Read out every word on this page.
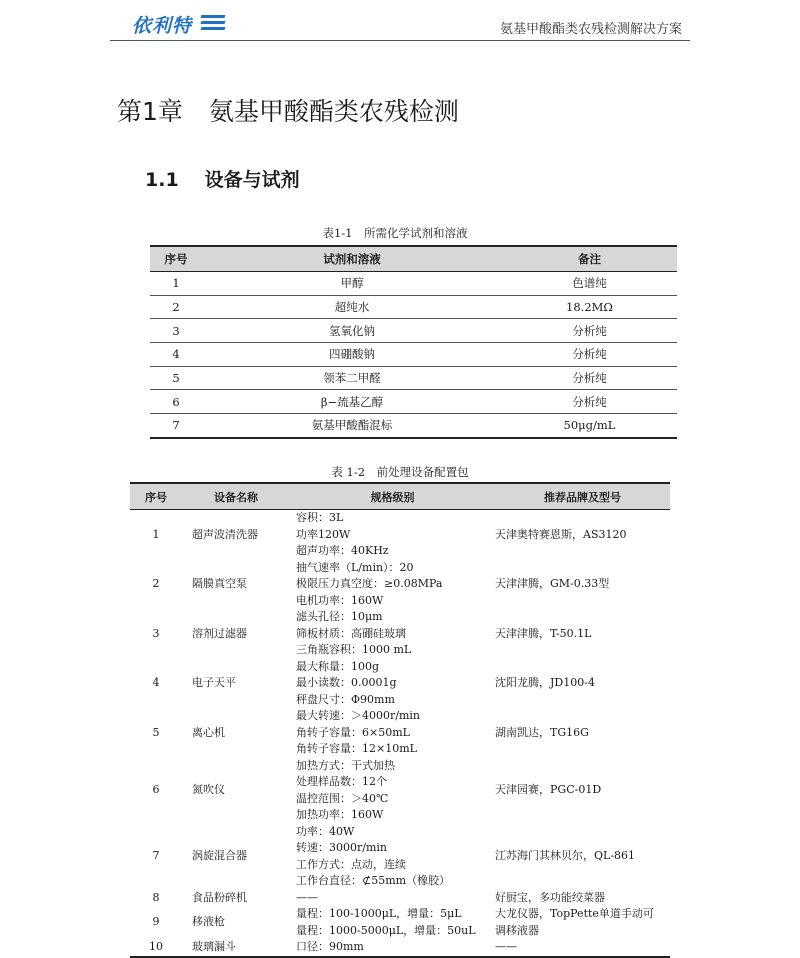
依利特	氨基甲酸酯类农残检测解决方案
第1章 氨基甲酸酯类农残检测
1.1 设备与试剂
表1-1　所需化学试剂和溶液
序号	试剂和溶液	备注
1	甲醇	色谱纯
2	超纯水	18.2MΩ
3	氢氧化钠	分析纯
4	四硼酸钠	分析纯
5	领苯二甲醛	分析纯
6	β−巯基乙醇	分析纯
7	氨基甲酸酯混标	50μg/mL
表 1-2　前处理设备配置包
序号	设备名称	规格级别	推荐品牌及型号
1	超声波清洗器	容积：3L
功率120W
超声功率：40KHz	天津奥特赛恩斯，AS3120

2	隔膜真空泵	抽气速率（L/min）：20
极限压力真空度：≥0.08MPa
电机功率：160W	天津津腾，GM-0.33型

3	溶剂过滤器	滤头孔径：10μm
筛板材质：高硼硅玻璃
三角瓶容积：1000 mL	天津津腾，T-50.1L

4	电子天平	最大称量：100g
最小读数：0.0001g
秤盘尺寸：Φ90mm	沈阳龙腾，JD100-4

5	离心机	最大转速：＞4000r/min
角转子容量：6×50mL
角转子容量：12×10mL	湖南凯达，TG16G

6	氮吹仪	加热方式：干式加热
处理样品数：12个
温控范围：＞40℃
加热功率：160W	天津园赛，PGC-01D

7	涡旋混合器	功率：40W
转速：3000r/min
工作方式：点动，连续
工作台直径：⊄55mm（橡胶）	江苏海门其林贝尔，QL-861

8	食品粉碎机	——	好厨宝，多功能绞菜器

9	移液枪	量程：100-1000μL，增量：5μL
量程：1000-5000μL，增量：50uL	大龙仪器，TopPette单道手动可
调移液器

10	玻璃漏斗	口径：90mm	——
